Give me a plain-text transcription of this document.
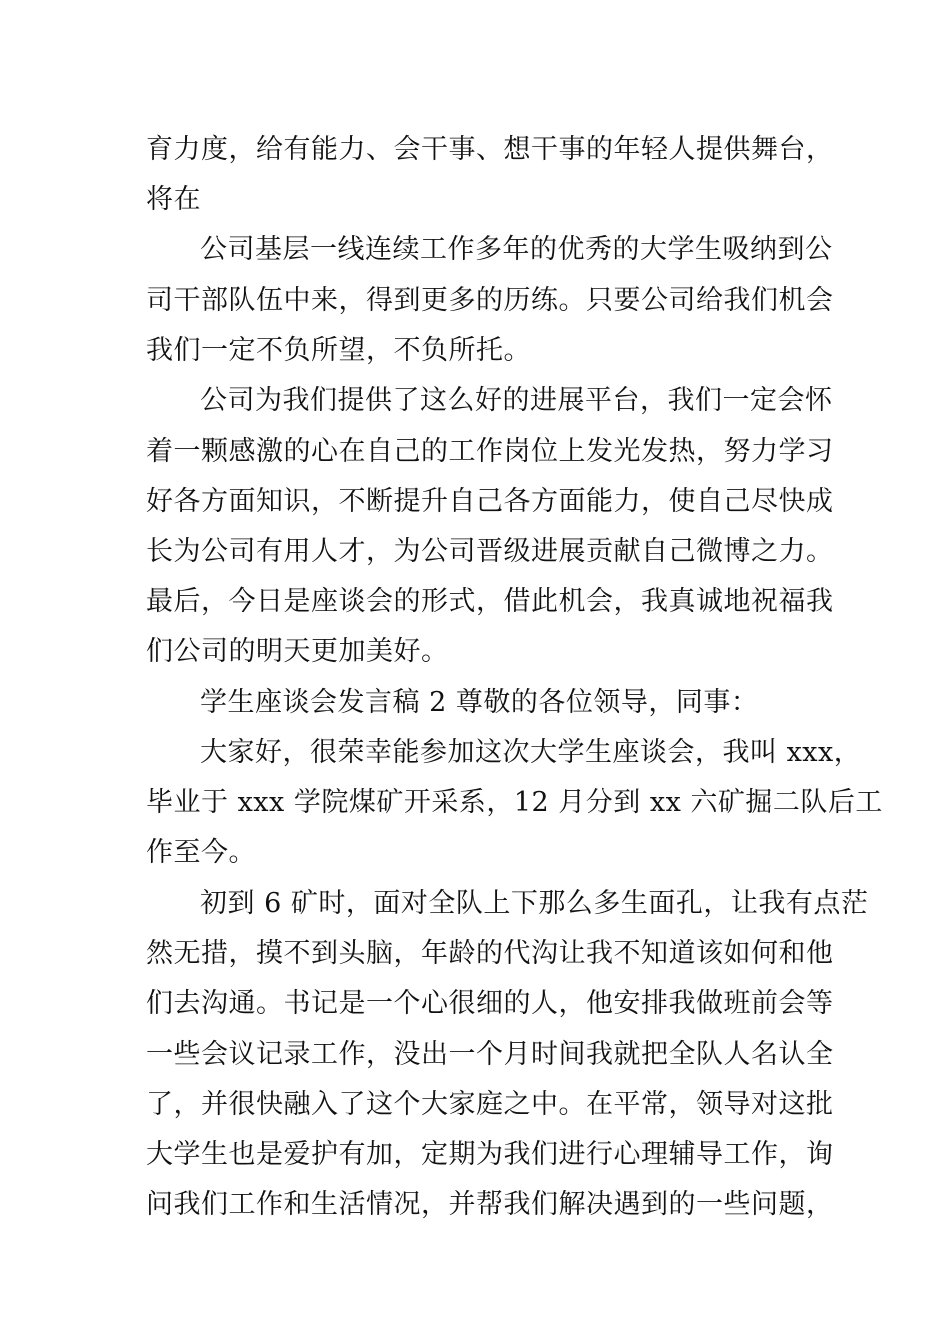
育力度，给有能力、会干事、想干事的年轻人提供舞台，
将在
公司基层一线连续工作多年的优秀的大学生吸纳到公
司干部队伍中来，得到更多的历练。只要公司给我们机会
我们一定不负所望，不负所托。
公司为我们提供了这么好的进展平台，我们一定会怀
着一颗感激的心在自己的工作岗位上发光发热，努力学习
好各方面知识，不断提升自己各方面能力，使自己尽快成
长为公司有用人才，为公司晋级进展贡献自己微博之力。
最后，今日是座谈会的形式，借此机会，我真诚地祝福我
们公司的明天更加美好。
学生座谈会发言稿 2 尊敬的各位领导，同事：
大家好，很荣幸能参加这次大学生座谈会，我叫 xxx，
毕业于 xxx 学院煤矿开采系，12 月分到 xx 六矿掘二队后工
作至今。
初到 6 矿时，面对全队上下那么多生面孔，让我有点茫
然无措，摸不到头脑，年龄的代沟让我不知道该如何和他
们去沟通。书记是一个心很细的人，他安排我做班前会等
一些会议记录工作，没出一个月时间我就把全队人名认全
了，并很快融入了这个大家庭之中。在平常，领导对这批
大学生也是爱护有加，定期为我们进行心理辅导工作，询
问我们工作和生活情况，并帮我们解决遇到的一些问题，
